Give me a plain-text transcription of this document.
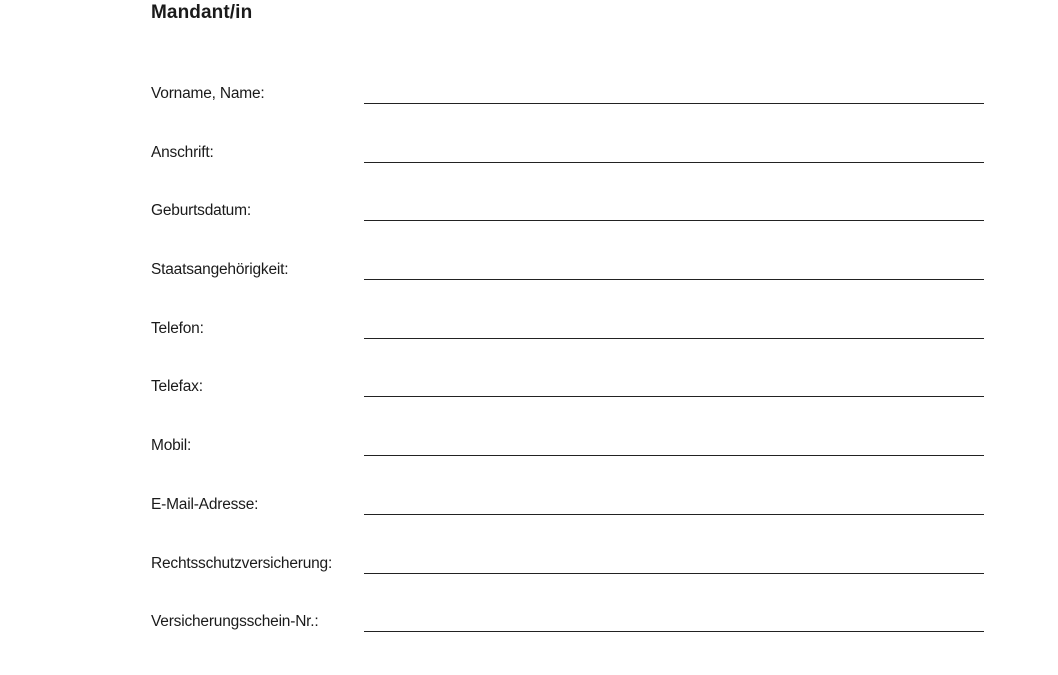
Mandant/in
Vorname, Name:
Anschrift:
Geburtsdatum:
Staatsangehörigkeit:
Telefon:
Telefax:
Mobil:
E-Mail-Adresse:
Rechtsschutzversicherung:
Versicherungsschein-Nr.:
